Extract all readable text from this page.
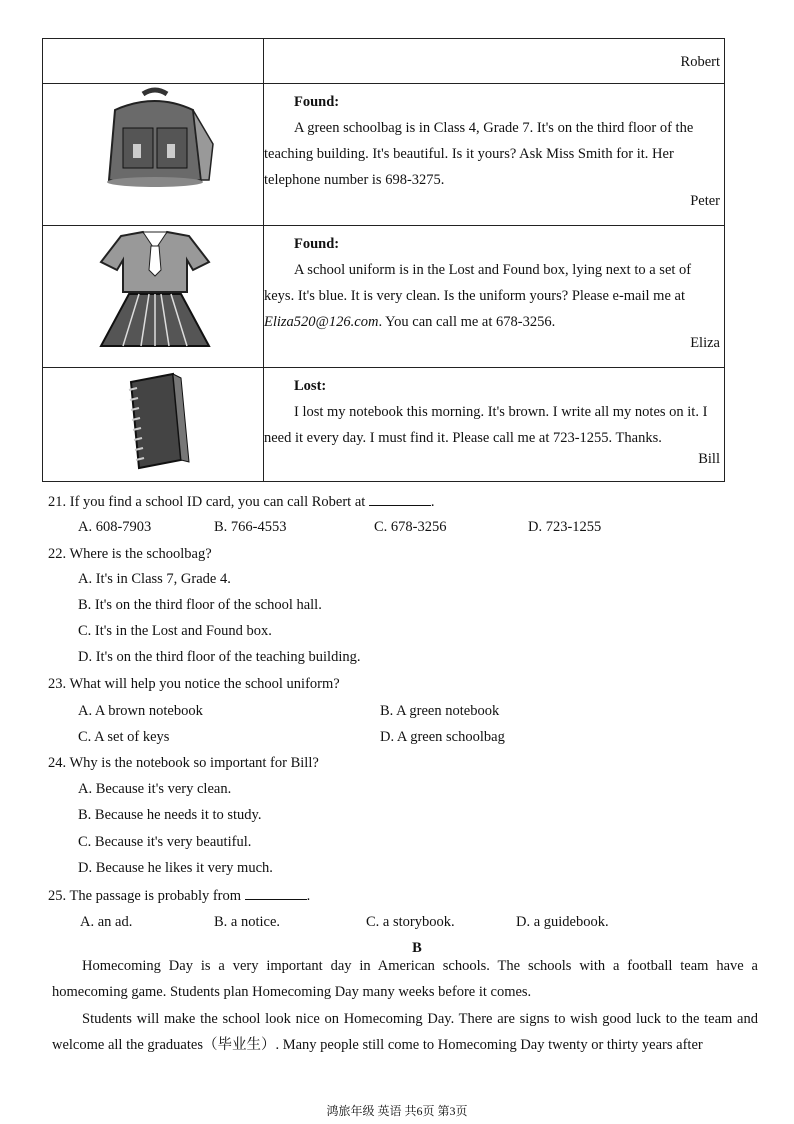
	Robert

Found:

A green schoolbag is in Class 4, Grade 7. It's on the third floor of the teaching building. It's beautiful. Is it yours? Ask Miss Smith for it. Her telephone number is 698-3275.

Peter

Found:

A school uniform is in the Lost and Found box, lying next to a set of keys. It's blue. It is very clean. Is the uniform yours? Please e-mail me at Eliza520@126.com. You can call me at 678-3256.

Eliza

Lost:

I lost my notebook this morning. It's brown. I write all my notes on it. I need it every day. I must find it. Please call me at 723-1255. Thanks.

Bill
21. If you find a school ID card, you can call Robert at	.
A. 608-7903	B. 766-4553	C. 678-3256	D. 723-1255
22. Where is the schoolbag?
A. It's in Class 7, Grade 4.
B. It's on the third floor of the school hall.
C. It's in the Lost and Found box.
D. It's on the third floor of the teaching building.
23. What will help you notice the school uniform?
A. A brown notebook	B. A green notebook
C. A set of keys	D. A green schoolbag
24. Why is the notebook so important for Bill?
A. Because it's very clean.
B. Because he needs it to study.
C. Because it's very beautiful.
D. Because he likes it very much.
25. The passage is probably from	.
A. an ad.	B. a notice.	C. a storybook.	D. a guidebook.
B

Homecoming Day is a very important day in American schools. The schools with a football team have a homecoming game. Students plan Homecoming Day many weeks before it comes.

Students will make the school look nice on Homecoming Day. There are signs to wish good luck to the team and welcome all the graduates（毕业生）. Many people still come to Homecoming Day twenty or thirty years after

鸿旅年级 英语 共6页 第3页
